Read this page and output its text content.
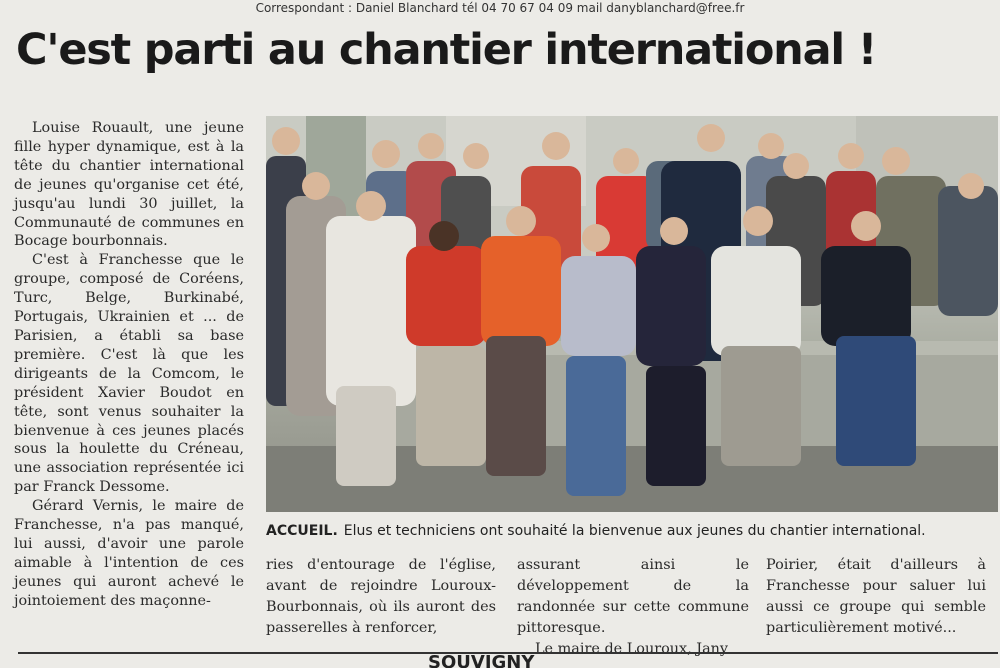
Correspondant : Daniel Blanchard tél 04 70 67 04 09 mail danyblanchard@free.fr
C'est parti au chantier international !

Louise Rouault, une jeune fille hyper dynamique, est à la tête du chantier international de jeunes qu'organise cet été, jusqu'au lundi 30 juillet, la Communauté de communes en Bocage bourbonnais.

C'est à Franchesse que le groupe, composé de Coréens, Turc, Belge, Burkinabé, Portugais, Ukrainien et ... de Parisien, a établi sa base première. C'est là que les dirigeants de la Comcom, le président Xavier Boudot en tête, sont venus souhaiter la bienvenue à ces jeunes placés sous la houlette du Créneau, une association représentée ici par Franck Dessome.

Gérard Vernis, le maire de Franchesse, n'a pas manqué, lui aussi, d'avoir une parole aimable à l'intention de ces jeunes qui auront achevé le jointoiement des maçonne-

ACCUEIL. Elus et techniciens ont souhaité la bienvenue aux jeunes du chantier international.

ries d'entourage de l'église, avant de rejoindre Louroux-Bourbonnais, où ils auront des passerelles à renforcer,

assurant ainsi le développement de la randonnée sur cette commune pittoresque.

Le maire de Louroux, Jany

Poirier, était d'ailleurs à Franchesse pour saluer lui aussi ce groupe qui semble particulièrement motivé...

SOUVIGNY
